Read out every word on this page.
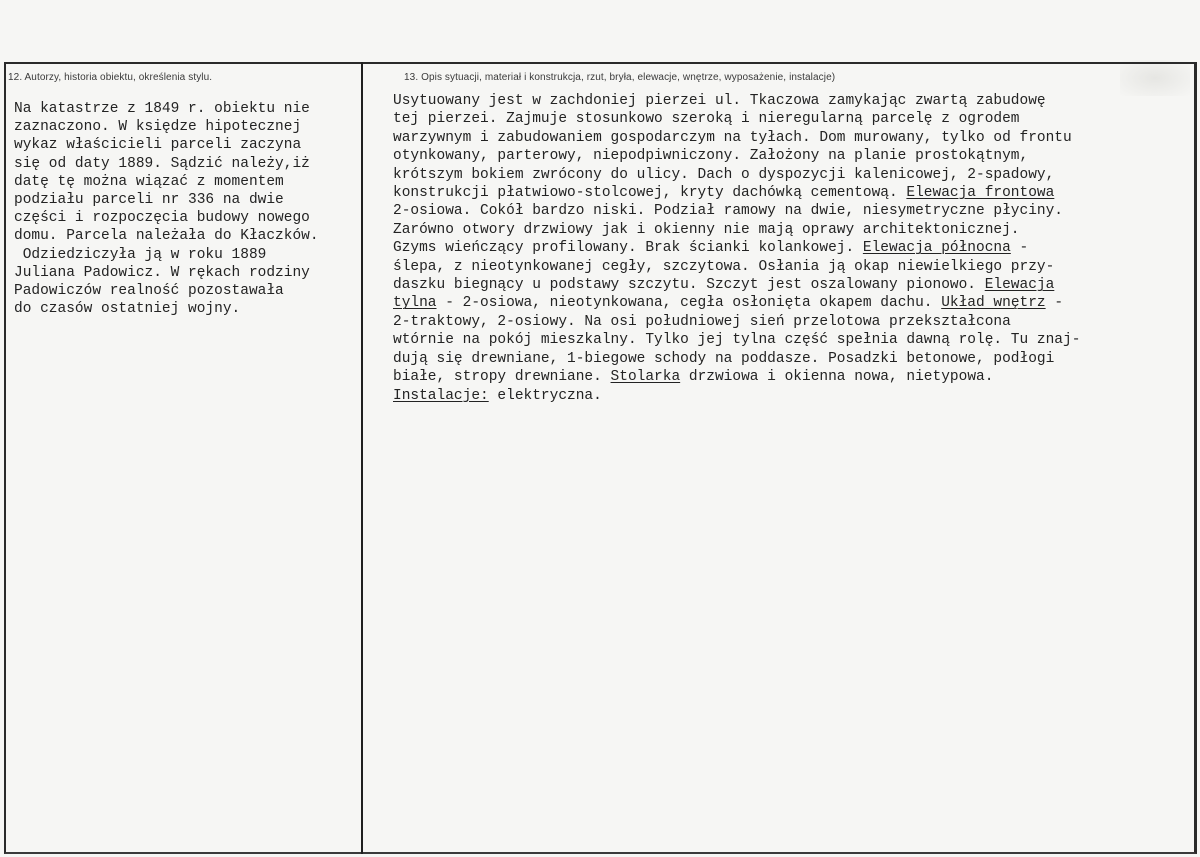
12. Autorzy, historia obiektu, określenia stylu.	13. Opis sytuacji, materiał i konstrukcja, rzut, bryła, elewacje, wnętrze, wyposażenie, instalacje)
Na katastrze z 1849 r. obiektu nie
zaznaczono. W księdze hipotecznej
wykaz właścicieli parceli zaczyna
się od daty 1889. Sądzić należy,iż
datę tę można wiązać z momentem
podziału parceli nr 336 na dwie
części i rozpoczęcia budowy nowego
domu. Parcela należała do Kłaczków.
Odziedziczyła ją w roku 1889
Juliana Padowicz. W rękach rodziny
Padowiczów realność pozostawała
do czasów ostatniej wojny.
Usytuowany jest w zachdoniej pierzei ul. Tkaczowa zamykając zwartą zabudowę
tej pierzei. Zajmuje stosunkowo szeroką i nieregularną parcelę z ogrodem
warzywnym i zabudowaniem gospodarczym na tyłach. Dom murowany, tylko od frontu
otynkowany, parterowy, niepodpiwniczony. Założony na planie prostokątnym,
krótszym bokiem zwrócony do ulicy. Dach o dyspozycji kalenicowej, 2-spadowy,
konstrukcji płatwiowo-stolcowej, kryty dachówką cementową. Elewacja frontowa
2-osiowa. Cokół bardzo niski. Podział ramowy na dwie, niesymetryczne płyciny.
Zarówno otwory drzwiowy jak i okienny nie mają oprawy architektonicznej.
Gzyms wieńczący profilowany. Brak ścianki kolankowej. Elewacja północna -
ślepa, z nieotynkowanej cegły, szczytowa. Osłania ją okap niewielkiego przy-
daszku biegnący u podstawy szczytu. Szczyt jest oszalowany pionowo. Elewacja
tylna - 2-osiowa, nieotynkowana, cegła osłonięta okapem dachu. Układ wnętrz -
2-traktowy, 2-osiowy. Na osi południowej sień przelotowa przekształcona
wtórnie na pokój mieszkalny. Tylko jej tylna część spełnia dawną rolę. Tu znaj-
dują się drewniane, 1-biegowe schody na poddasze. Posadzki betonowe, podłogi
białe, stropy drewniane. Stolarka drzwiowa i okienna nowa, nietypowa.
Instalacje: elektryczna.
